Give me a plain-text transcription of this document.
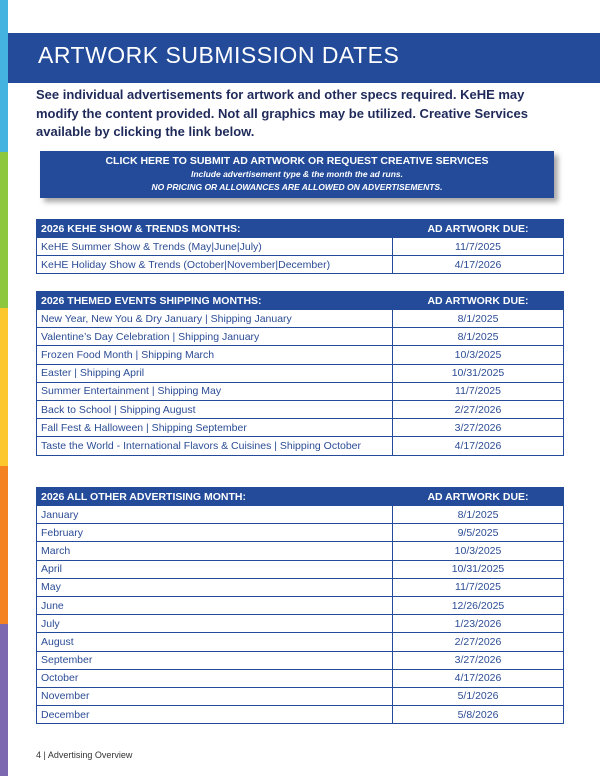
ARTWORK SUBMISSION DATES
See individual advertisements for artwork and other specs required. KeHE may modify the content provided. Not all graphics may be utilized. Creative Services available by clicking the link below.
CLICK HERE TO SUBMIT AD ARTWORK OR REQUEST CREATIVE SERVICES
Include advertisement type & the month the ad runs.
NO PRICING OR ALLOWANCES ARE ALLOWED ON ADVERTISEMENTS.
2026 KEHE SHOW & TRENDS MONTHS:	AD ARTWORK DUE:
KeHE Summer Show & Trends (May|June|July)	11/7/2025
KeHE Holiday Show & Trends (October|November|December)	4/17/2026
2026 THEMED EVENTS SHIPPING MONTHS:	AD ARTWORK DUE:
New Year, New You & Dry January | Shipping January	8/1/2025
Valentine’s Day Celebration | Shipping January	8/1/2025
Frozen Food Month | Shipping March	10/3/2025
Easter | Shipping April	10/31/2025
Summer Entertainment | Shipping May	11/7/2025
Back to School | Shipping August	2/27/2026
Fall Fest & Halloween | Shipping September	3/27/2026
Taste the World - International Flavors & Cuisines | Shipping October	4/17/2026
2026 ALL OTHER ADVERTISING MONTH:	AD ARTWORK DUE:
January	8/1/2025
February	9/5/2025
March	10/3/2025
April	10/31/2025
May	11/7/2025
June	12/26/2025
July	1/23/2026
August	2/27/2026
September	3/27/2026
October	4/17/2026
November	5/1/2026
December	5/8/2026
4 | Advertising Overview
